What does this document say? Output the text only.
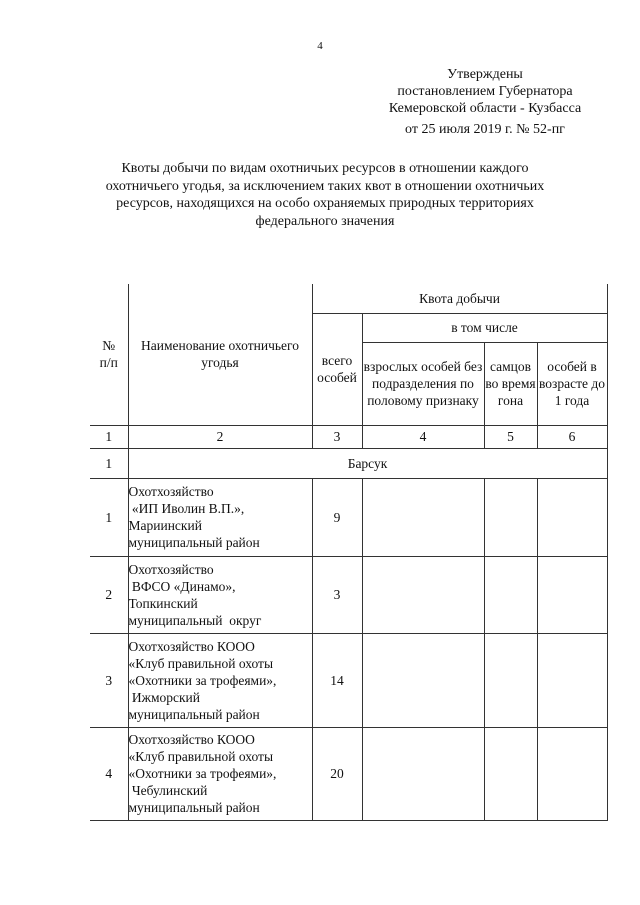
4
Утверждены
постановлением Губернатора
Кемеровской области - Кузбасса
от 25 июля 2019 г. № 52-пг
Квоты добычи по видам охотничьих ресурсов в отношении каждого
охотничьего угодья, за исключением таких квот в отношении охотничьих
ресурсов, находящихся на особо охраняемых природных территориях
федерального значения
№
п/п	Наименование охотничьего угодья	Квота добычи			
		всего особей	в том числе		
			взрослых особей без подразделения по половому признаку	самцов во время гона	особей в возрасте до 1 года
1	2	3	4	5	6
1	Барсук				
1	Охотхозяйство
«ИП Иволин В.П.»,
Мариинский
муниципальный район	9			
2	Охотхозяйство
ВФСО «Динамо»,
Топкинский
муниципальный  округ	3			
3	Охотхозяйство КООО
«Клуб правильной охоты
«Охотники за трофеями»,
Ижморский
муниципальный район	14			
4	Охотхозяйство КООО
«Клуб правильной охоты
«Охотники за трофеями»,
Чебулинский
муниципальный район	20			
